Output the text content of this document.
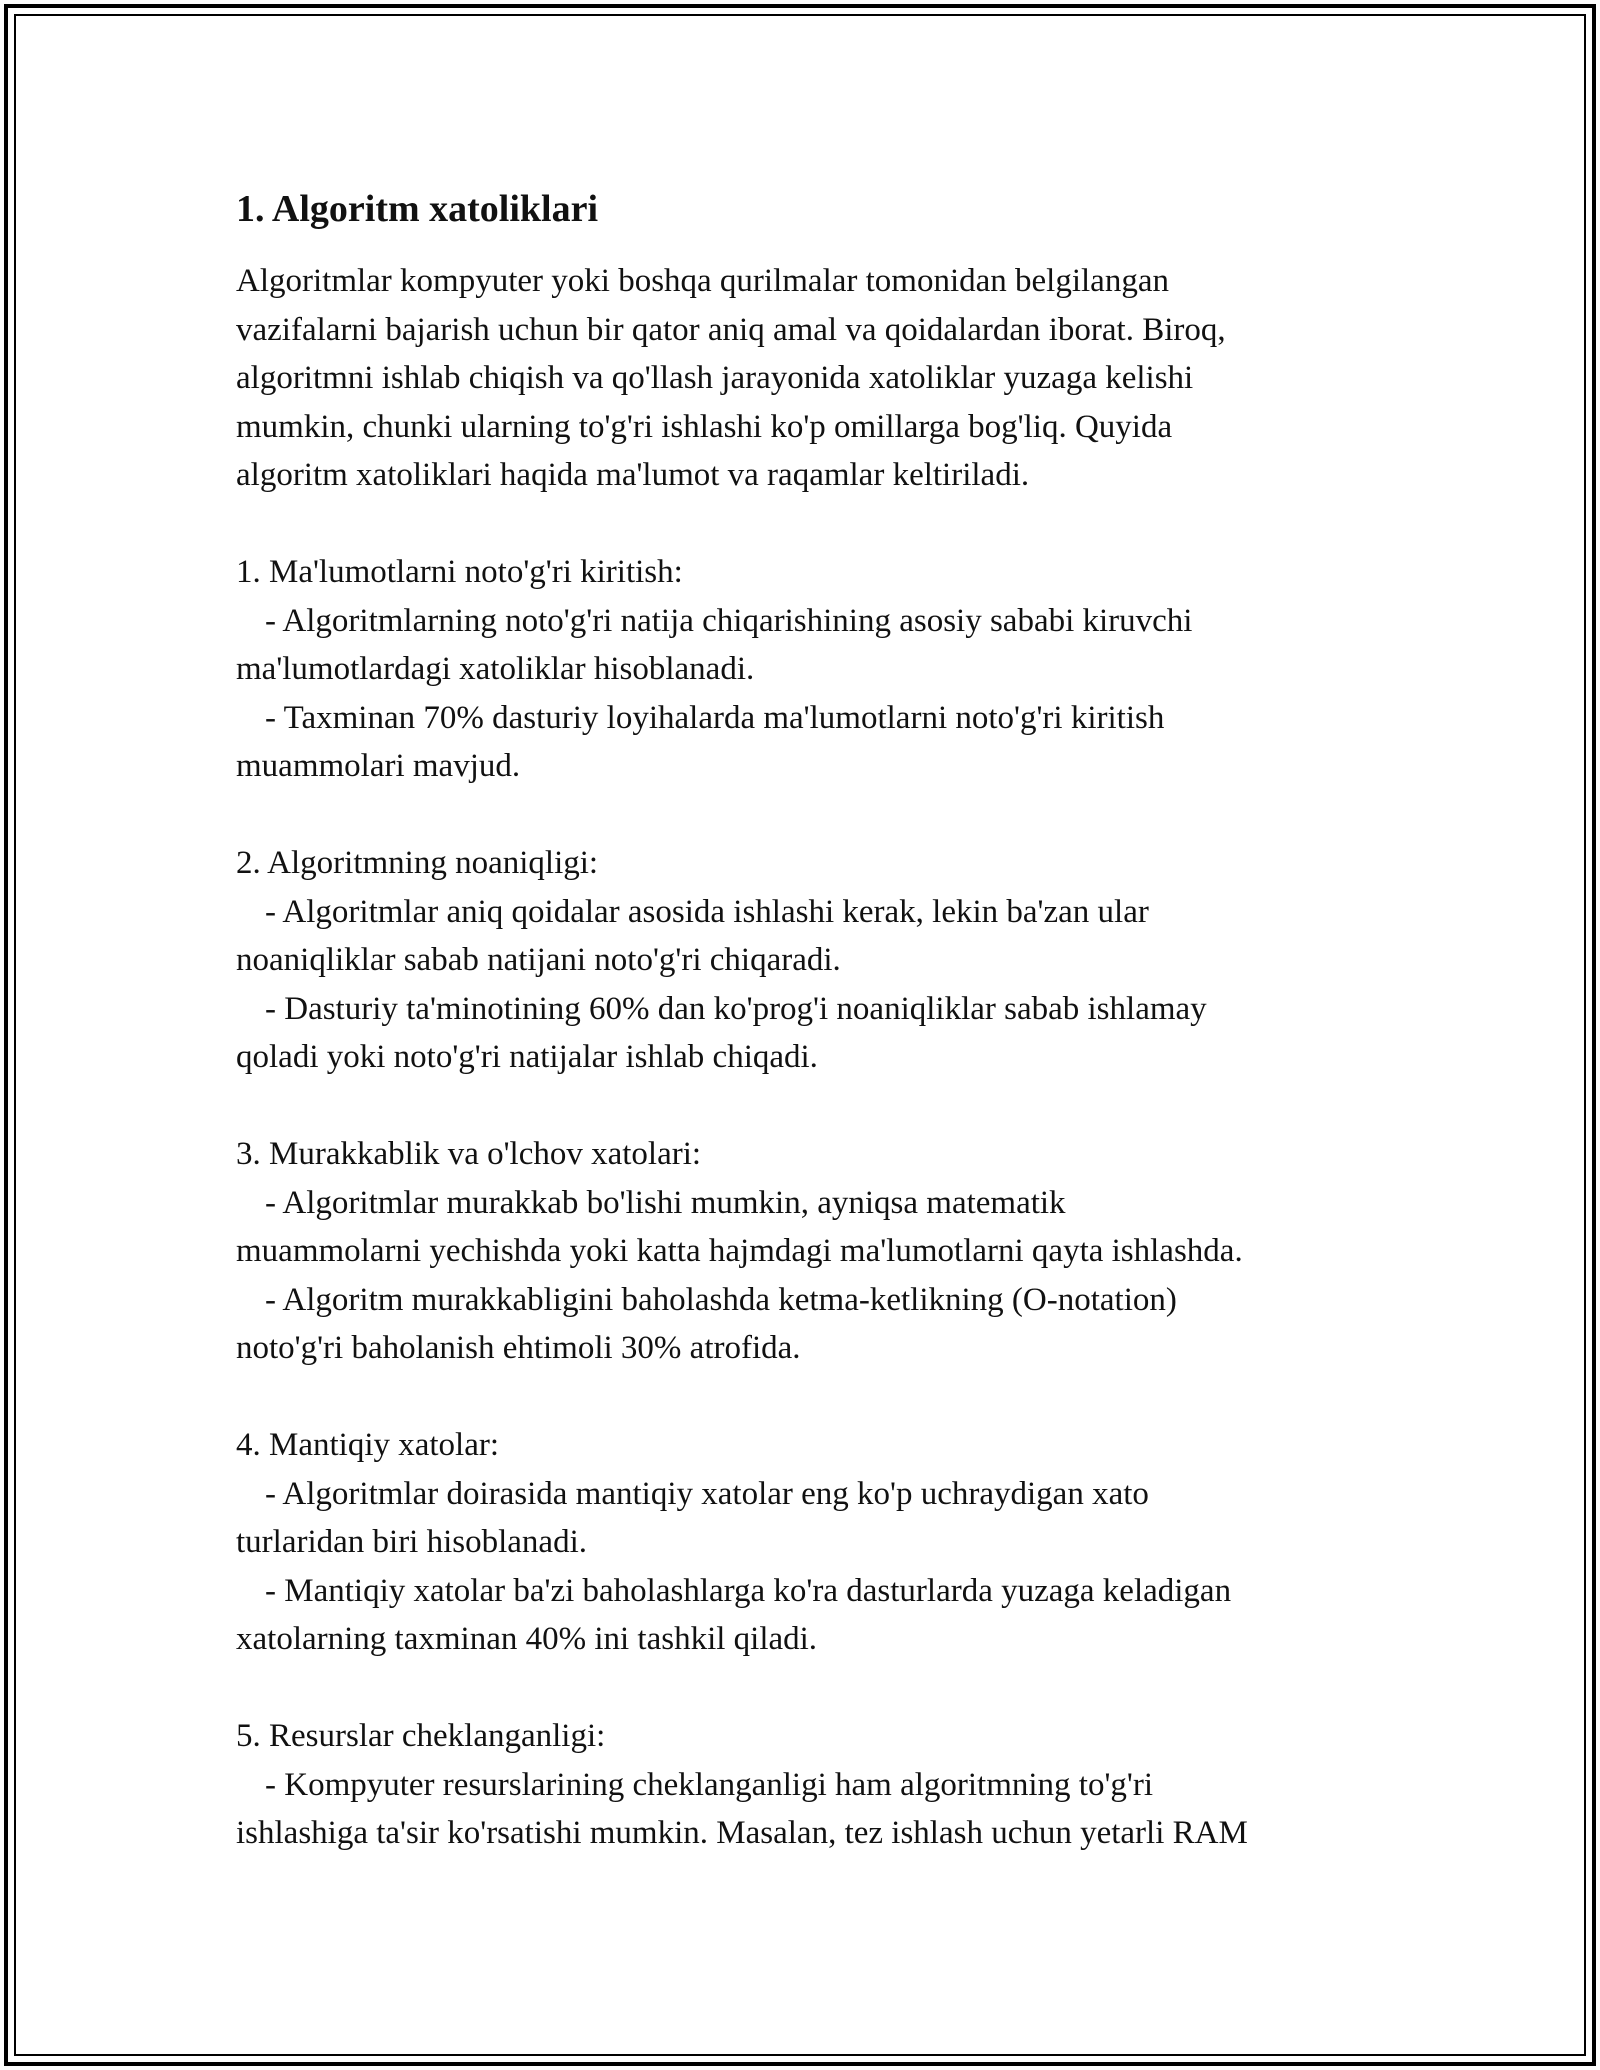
1. Algoritm xatoliklari

Algoritmlar kompyuter yoki boshqa qurilmalar tomonidan belgilangan
vazifalarni bajarish uchun bir qator aniq amal va qoidalardan iborat. Biroq,
algoritmni ishlab chiqish va qo'llash jarayonida xatoliklar yuzaga kelishi
mumkin, chunki ularning to'g'ri ishlashi ko'p omillarga bog'liq. Quyida
algoritm xatoliklari haqida ma'lumot va raqamlar keltiriladi.

1. Ma'lumotlarni noto'g'ri kiritish:
- Algoritmlarning noto'g'ri natija chiqarishining asosiy sababi kiruvchi
ma'lumotlardagi xatoliklar hisoblanadi.
- Taxminan 70% dasturiy loyihalarda ma'lumotlarni noto'g'ri kiritish
muammolari mavjud.
2. Algoritmning noaniqligi:
- Algoritmlar aniq qoidalar asosida ishlashi kerak, lekin ba'zan ular
noaniqliklar sabab natijani noto'g'ri chiqaradi.
- Dasturiy ta'minotining 60% dan ko'prog'i noaniqliklar sabab ishlamay
qoladi yoki noto'g'ri natijalar ishlab chiqadi.
3. Murakkablik va o'lchov xatolari:
- Algoritmlar murakkab bo'lishi mumkin, ayniqsa matematik
muammolarni yechishda yoki katta hajmdagi ma'lumotlarni qayta ishlashda.
- Algoritm murakkabligini baholashda ketma-ketlikning (O-notation)
noto'g'ri baholanish ehtimoli 30% atrofida.
4. Mantiqiy xatolar:
- Algoritmlar doirasida mantiqiy xatolar eng ko'p uchraydigan xato
turlaridan biri hisoblanadi.
- Mantiqiy xatolar ba'zi baholashlarga ko'ra dasturlarda yuzaga keladigan
xatolarning taxminan 40% ini tashkil qiladi.
5. Resurslar cheklanganligi:
- Kompyuter resurslarining cheklanganligi ham algoritmning to'g'ri
ishlashiga ta'sir ko'rsatishi mumkin. Masalan, tez ishlash uchun yetarli RAM
